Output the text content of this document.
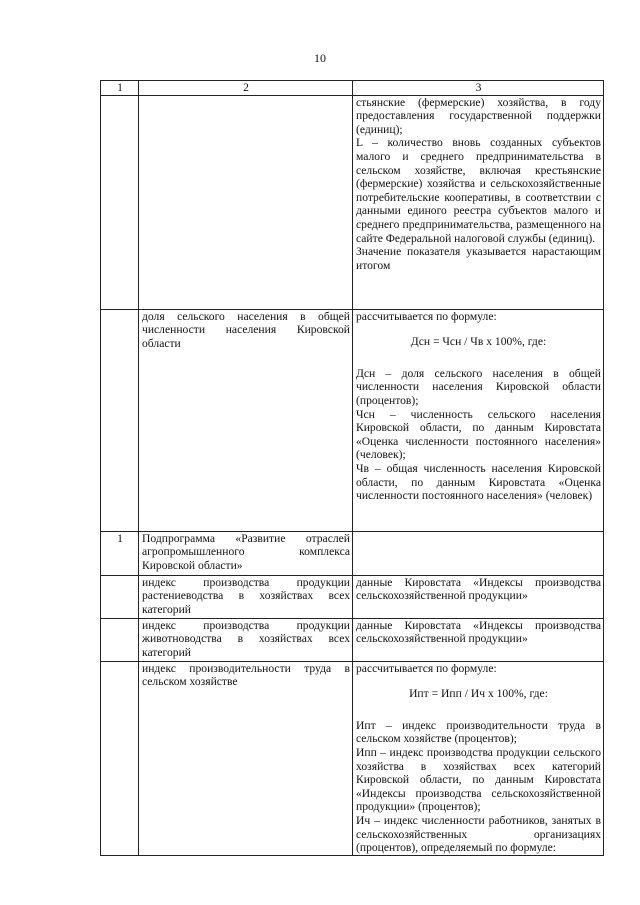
10
1	2	3

		стьянские (фермерские) хозяйства, в году предоставления государственной поддержки (единиц);

L – количество вновь созданных субъектов малого и среднего предпринимательства в сельском хозяйстве, включая крестьянские (фермерские) хозяйства и сельскохозяйственные потребительские кооперативы, в соответствии с данными единого реестра субъектов малого и среднего предпринимательства, размещенного на сайте Федеральной налоговой службы (единиц).

Значение показателя указывается нарастающим итогом

	доля сельского населения в общей численности населения Кировской области	рассчитывается по формуле:

Дсн = Чсн / Чв x 100%, где:

Дсн – доля сельского населения в общей численности населения Кировской области (процентов);

Чсн – численность сельского населения Кировской области, по данным Кировстата «Оценка численности постоянного населения» (человек);

Чв – общая численность населения Кировской области, по данным Кировстата «Оценка численности постоянного населения» (человек)

1	Подпрограмма «Развитие отраслей агропромышленного комплекса Кировской области»	
	индекс производства продукции растениеводства в хозяйствах всех категорий	данные Кировстата «Индексы производства сельскохозяйственной продукции»
	индекс производства продукции животноводства в хозяйствах всех категорий	данные Кировстата «Индексы производства сельскохозяйственной продукции»
	индекс производительности труда в сельском хозяйстве	рассчитывается по формуле:

Ипт = Ипп / Ич x 100%, где:

Ипт – индекс производительности труда в сельском хозяйстве (процентов);

Ипп – индекс производства продукции сельского хозяйства в хозяйствах всех категорий Кировской области, по данным Кировстата «Индексы производства сельскохозяйственной продукции» (процентов);

Ич – индекс численности работников, занятых в сельскохозяйственных организациях (процентов), определяемый по формуле:
